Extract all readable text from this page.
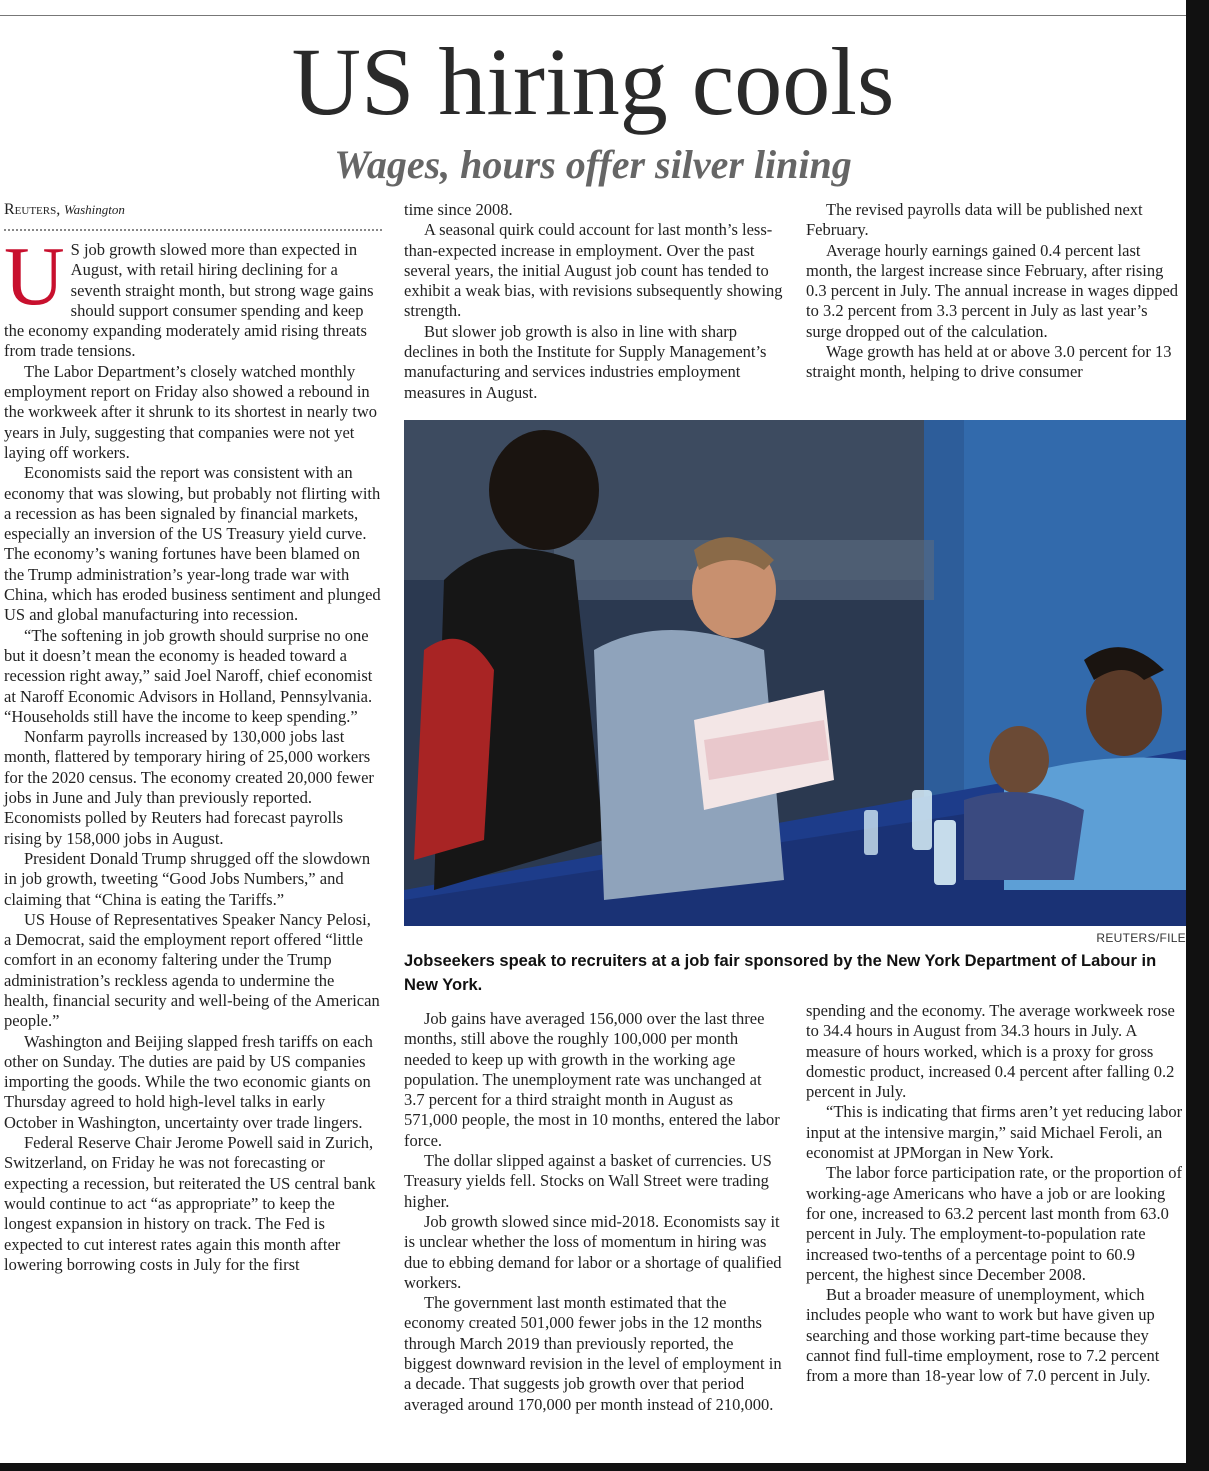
US hiring cools
Wages, hours offer silver lining
Reuters, Washington

U S job growth slowed more than expected in August, with retail hiring declining for a seventh straight month, but strong wage gains should support consumer spending and keep the economy expanding moderately amid rising threats from trade tensions.

The Labor Department’s closely watched monthly employment report on Friday also showed a rebound in the workweek after it shrunk to its shortest in nearly two years in July, suggesting that companies were not yet laying off workers.

Economists said the report was consistent with an economy that was slowing, but probably not flirting with a recession as has been signaled by financial markets, especially an inversion of the US Treasury yield curve. The economy’s waning fortunes have been blamed on the Trump administration’s year-long trade war with China, which has eroded business sentiment and plunged US and global manufacturing into recession.

“The softening in job growth should surprise no one but it doesn’t mean the economy is headed toward a recession right away,” said Joel Naroff, chief economist at Naroff Economic Advisors in Holland, Pennsylvania. “Households still have the income to keep spending.”

Nonfarm payrolls increased by 130,000 jobs last month, flattered by temporary hiring of 25,000 workers for the 2020 census. The economy created 20,000 fewer jobs in June and July than previously reported. Economists polled by Reuters had forecast payrolls rising by 158,000 jobs in August.

President Donald Trump shrugged off the slowdown in job growth, tweeting “Good Jobs Numbers,” and claiming that “China is eating the Tariffs.”

US House of Representatives Speaker Nancy Pelosi, a Democrat, said the employment report offered “little comfort in an economy faltering under the Trump administration’s reckless agenda to undermine the health, financial security and well-being of the American people.”

Washington and Beijing slapped fresh tariffs on each other on Sunday. The duties are paid by US companies importing the goods. While the two economic giants on Thursday agreed to hold high-level talks in early October in Washington, uncertainty over trade lingers.

Federal Reserve Chair Jerome Powell said in Zurich, Switzerland, on Friday he was not forecasting or expecting a recession, but reiterated the US central bank would continue to act “as appropriate” to keep the longest expansion in history on track. The Fed is expected to cut interest rates again this month after lowering borrowing costs in July for the first

time since 2008.

A seasonal quirk could account for last month’s less-than-expected increase in employment. Over the past several years, the initial August job count has tended to exhibit a weak bias, with revisions subsequently showing strength.

But slower job growth is also in line with sharp declines in both the Institute for Supply Management’s manufacturing and services industries employment measures in August.

The revised payrolls data will be published next February.

Average hourly earnings gained 0.4 percent last month, the largest increase since February, after rising 0.3 percent in July. The annual increase in wages dipped to 3.2 percent from 3.3 percent in July as last year’s surge dropped out of the calculation.

Wage growth has held at or above 3.0 percent for 13 straight month, helping to drive consumer

REUTERS/FILE
Jobseekers speak to recruiters at a job fair sponsored by the New York Department of Labour in New York.

Job gains have averaged 156,000 over the last three months, still above the roughly 100,000 per month needed to keep up with growth in the working age population. The unemployment rate was unchanged at 3.7 percent for a third straight month in August as 571,000 people, the most in 10 months, entered the labor force.

The dollar slipped against a basket of currencies. US Treasury yields fell. Stocks on Wall Street were trading higher.

Job growth slowed since mid-2018. Economists say it is unclear whether the loss of momentum in hiring was due to ebbing demand for labor or a shortage of qualified workers.

The government last month estimated that the economy created 501,000 fewer jobs in the 12 months through March 2019 than previously reported, the biggest downward revision in the level of employment in a decade. That suggests job growth over that period averaged around 170,000 per month instead of 210,000.

spending and the economy. The average workweek rose to 34.4 hours in August from 34.3 hours in July. A measure of hours worked, which is a proxy for gross domestic product, increased 0.4 percent after falling 0.2 percent in July.

“This is indicating that firms aren’t yet reducing labor input at the intensive margin,” said Michael Feroli, an economist at JPMorgan in New York.

The labor force participation rate, or the proportion of working-age Americans who have a job or are looking for one, increased to 63.2 percent last month from 63.0 percent in July. The employment-to-population rate increased two-tenths of a percentage point to 60.9 percent, the highest since December 2008.

But a broader measure of unemployment, which includes people who want to work but have given up searching and those working part-time because they cannot find full-time employment, rose to 7.2 percent from a more than 18-year low of 7.0 percent in July.
